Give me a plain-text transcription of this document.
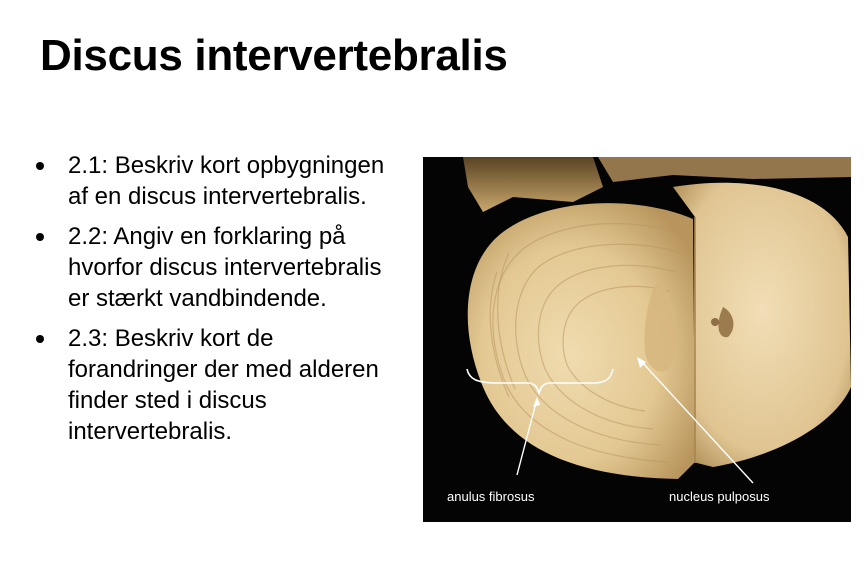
Discus intervertebralis
2.1: Beskriv kort opbygningen af en discus intervertebralis.
2.2: Angiv en forklaring på hvorfor discus intervertebralis er stærkt vandbindende.
2.3: Beskriv kort de forandringer der med alderen finder sted i discus intervertebralis.
anulus fibrosus	nucleus pulposus
